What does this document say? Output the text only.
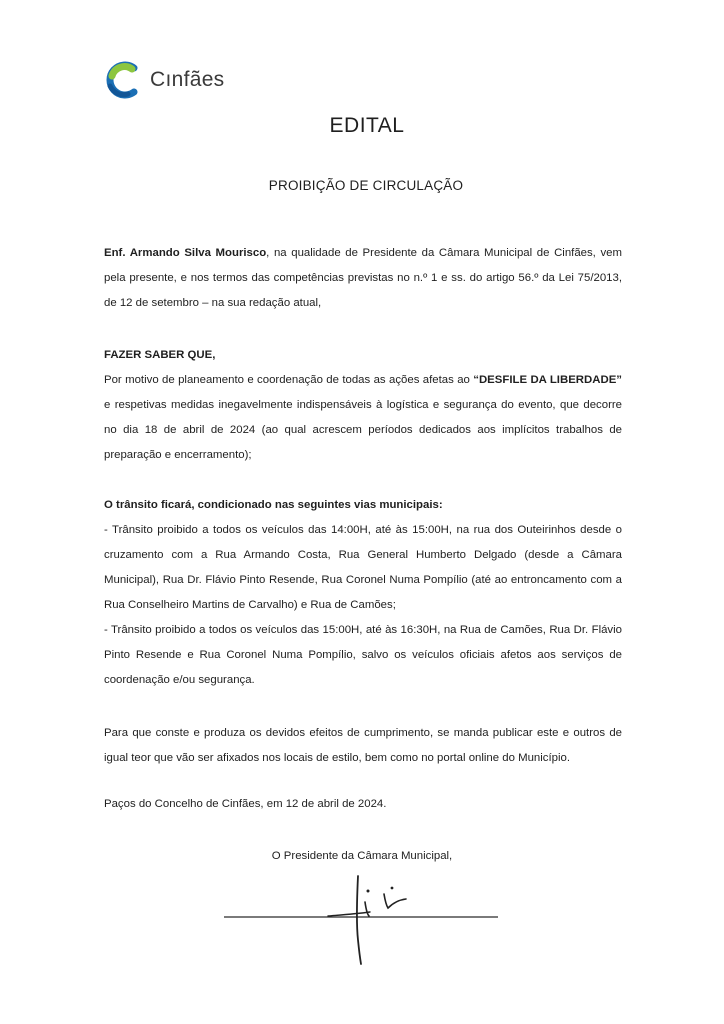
Cınfães
EDITAL
PROIBIÇÃO DE CIRCULAÇÃO

Enf. Armando Silva Mourisco, na qualidade de Presidente da Câmara Municipal de Cinfães, vem pela presente, e nos termos das competências previstas no n.º 1 e ss. do artigo 56.º da Lei 75/2013, de 12 de setembro – na sua redação atual,

FAZER SABER QUE,

Por motivo de planeamento e coordenação de todas as ações afetas ao “DESFILE DA LIBERDADE” e respetivas medidas inegavelmente indispensáveis à logística e segurança do evento, que decorre no dia 18 de abril de 2024 (ao qual acrescem períodos dedicados aos implícitos trabalhos de preparação e encerramento);

O trânsito ficará, condicionado nas seguintes vias municipais:

- Trânsito proibido a todos os veículos das 14:00H, até às 15:00H, na rua dos Outeirinhos desde o cruzamento com a Rua Armando Costa, Rua General Humberto Delgado (desde a Câmara Municipal), Rua Dr. Flávio Pinto Resende, Rua Coronel Numa Pompílio (até ao entroncamento com a Rua Conselheiro Martins de Carvalho) e Rua de Camões;

- Trânsito proibido a todos os veículos das 15:00H, até às 16:30H, na Rua de Camões, Rua Dr. Flávio Pinto Resende e Rua Coronel Numa Pompílio, salvo os veículos oficiais afetos aos serviços de coordenação e/ou segurança.

Para que conste e produza os devidos efeitos de cumprimento, se manda publicar este e outros de igual teor que vão ser afixados nos locais de estilo, bem como no portal online do Município.

Paços do Concelho de Cinfães, em 12 de abril de 2024.

O Presidente da Câmara Municipal,
